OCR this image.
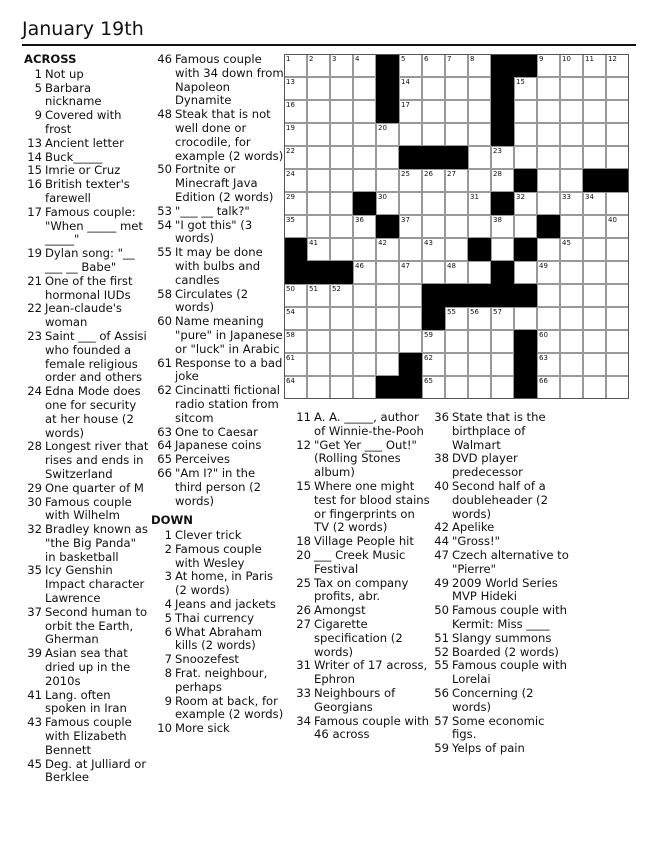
January 19th
ACROSS
1 Not up
5 Barbara nickname
9 Covered with frost
13 Ancient letter
14 Buck_____
15 Imrie or Cruz
16 British texter's farewell
17 Famous couple: "When _____ met _____"
19 Dylan song: "__ ___ __ Babe"
21 One of the first hormonal IUDs
22 Jean-claude's woman
23 Saint ___ of Assisi who founded a female religious order and others
24 Edna Mode does one for security at her house (2 words)
28 Longest river that rises and ends in Switzerland
29 One quarter of M
30 Famous couple with Wilhelm
32 Bradley known as "the Big Panda" in basketball
35 Icy Genshin Impact character Lawrence
37 Second human to orbit the Earth, Gherman
39 Asian sea that dried up in the 2010s
41 Lang. often spoken in Iran
43 Famous couple with Elizabeth Bennett
45 Deg. at Julliard or Berklee
46 Famous couple with 34 down from Napoleon Dynamite
48 Steak that is not well done or crocodile, for example (2 words)
50 Fortnite or Minecraft Java Edition (2 words)
53 "___ __ talk?"
54 "I got this" (3 words)
55 It may be done with bulbs and candles
58 Circulates (2 words)
60 Name meaning "pure" in Japanese or "luck" in Arabic
61 Response to a bad joke
62 Cincinatti fictional radio station from sitcom
63 One to Caesar
64 Japanese coins
65 Perceives
66 "Am I?" in the third person (2 words)
DOWN
1 Clever trick
2 Famous couple with Wesley
3 At home, in Paris (2 words)
4 Jeans and jackets
5 Thai currency
6 What Abraham kills (2 words)
7 Snoozefest
8 Frat. neighbour, perhaps
9 Room at back, for example (2 words)
10 More sick
11 A. A. _____, author of Winnie-the-Pooh
12 "Get Yer ___ Out!" (Rolling Stones album)
15 Where one might test for blood stains or fingerprints on TV (2 words)
18 Village People hit
20 ___ Creek Music Festival
25 Tax on company profits, abr.
26 Amongst
27 Cigarette specification (2 words)
31 Writer of 17 across, Ephron
33 Neighbours of Georgians
34 Famous couple with 46 across
36 State that is the birthplace of Walmart
38 DVD player predecessor
40 Second half of a doubleheader (2 words)
42 Apelike
44 "Gross!"
47 Czech alternative to "Pierre"
49 2009 World Series MVP Hideki
50 Famous couple with Kermit: Miss ____
51 Slangy summons
52 Boarded (2 words)
55 Famous couple with Lorelai
56 Concerning (2 words)
57 Some economic figs.
59 Yelps of pain
1	2	3	4	5	6	7	8	9	10 11 12
13	14	15
16	17
19	20
22	23
24	25 26 27	28
29	30	31	32	33 34
35	36	37	38	40
41	42	43	45
46	47	48	49
50 51 52
54	55 56 57
58	59	60
61	62	63
64	65	66
